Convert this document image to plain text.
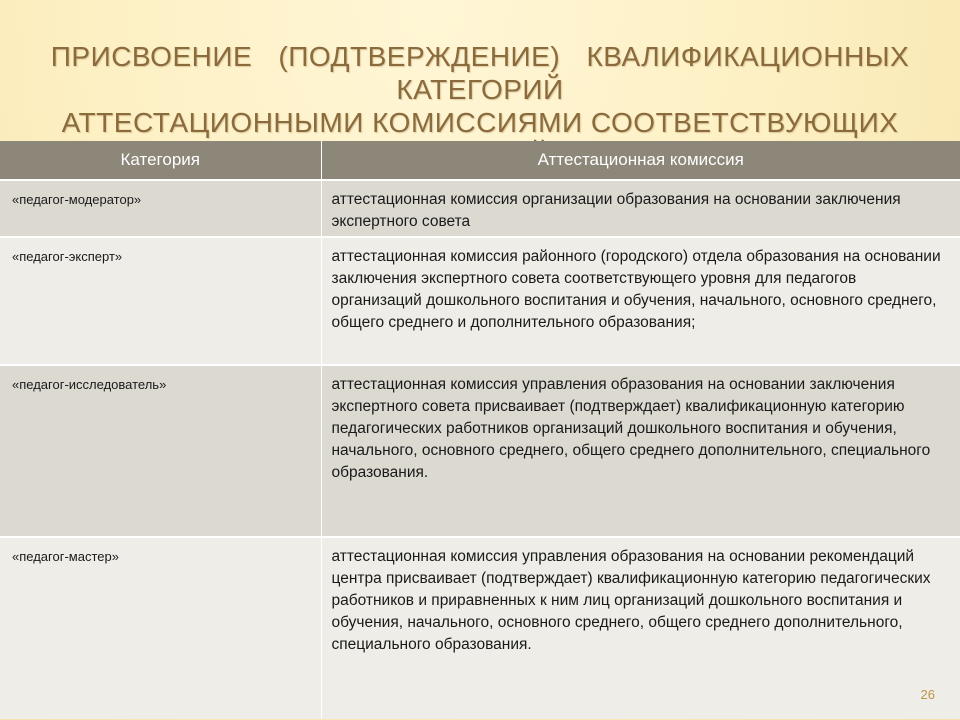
ПРИСВОЕНИЕ (ПОДТВЕРЖДЕНИЕ) КВАЛИФИКАЦИОННЫХ КАТЕГОРИЙ
АТТЕСТАЦИОННЫМИ КОМИССИЯМИ СООТВЕТСТВУЮЩИХ
Категория	Аттестационная комиссия
«педагог-модератор»	аттестационная комиссия организации образования на основании заключения экспертного совета
«педагог-эксперт»	аттестационная комиссия районного (городского) отдела образования на основании заключения экспертного совета соответствующего уровня для педагогов организаций дошкольного воспитания и обучения, начального, основного среднего, общего среднего и дополнительного образования;
«педагог-исследователь»	аттестационная комиссия управления образования на основании заключения экспертного совета присваивает (подтверждает) квалификационную категорию педагогических работников организаций дошкольного воспитания и обучения, начального, основного среднего, общего среднего дополнительного, специального образования.
«педагог-мастер»	аттестационная комиссия управления образования на основании рекомендаций центра присваивает (подтверждает) квалификационную категорию педагогических работников и приравненных к ним лиц организаций дошкольного воспитания и обучения, начального, основного среднего, общего среднего дополнительного, специального образования.
26
